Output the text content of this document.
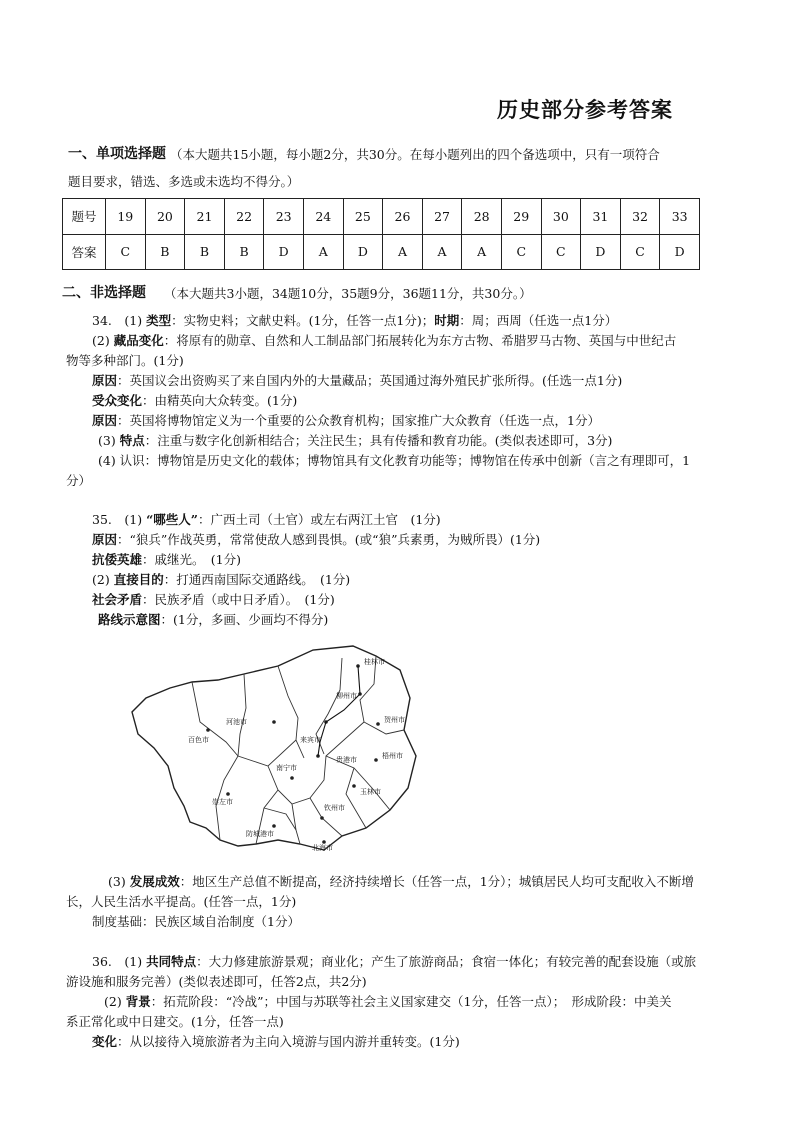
历史部分参考答案
一、单项选择题 （本大题共15小题，每小题2分，共30分。在每小题列出的四个备选项中，只有一项符合
题目要求，错选、多选或未选均不得分。）
题号	19	20	21	22	23	24	25	26	27	28	29	30	31	32	33
答案	C	B	B	B	D	A	D	A	A	A	C	C	D	C	D
二、非选择题 （本大题共3小题，34题10分，35题9分，36题11分，共30分。）
34.　(1) 类型：实物史料；文献史料。(1分，任答一点1分)；时期：周；西周（任选一点1分）
(2) 藏品变化：将原有的勋章、自然和人工制品部门拓展转化为东方古物、希腊罗马古物、英国与中世纪古
物等多种部门。(1分)
原因：英国议会出资购买了来自国内外的大量藏品；英国通过海外殖民扩张所得。(任选一点1分)
受众变化：由精英向大众转变。(1分)
原因：英国将博物馆定义为一个重要的公众教育机构；国家推广大众教育（任选一点，1分）
(3) 特点：注重与数字化创新相结合；关注民生；具有传播和教育功能。(类似表述即可，3分)
(4) 认识：博物馆是历史文化的载体；博物馆具有文化教育功能等；博物馆在传承中创新（言之有理即可，1
分）
35.　(1) “哪些人”：广西土司（土官）或左右两江土官　(1分)
原因：“狼兵”作战英勇，常常使敌人感到畏惧。(或“狼”兵素勇，为贼所畏）(1分)
抗倭英雄：戚继光。　(1分)
(2) 直接目的：打通西南国际交通路线。　(1分)
社会矛盾：民族矛盾（或中日矛盾）。　(1分)
路线示意图：(1分，多画、少画均不得分)
桂林市
河池市
柳州市
贺州市
百色市	来宾市
梧州市
南宁市
贵港市
玉林市
崇左市
钦州市
防城港市
北海市
(3) 发展成效：地区生产总值不断提高，经济持续增长（任答一点，1分）；城镇居民人均可支配收入不断增
长，人民生活水平提高。(任答一点，1分)
制度基础：民族区域自治制度（1分）
36.　(1) 共同特点：大力修建旅游景观；商业化；产生了旅游商品；食宿一体化；有较完善的配套设施（或旅
游设施和服务完善）(类似表述即可，任答2点，共2分)
(2) 背景：拓荒阶段：“冷战”；中国与苏联等社会主义国家建交（1分，任答一点）；　形成阶段：中美关
系正常化或中日建交。(1分，任答一点)
变化：从以接待入境旅游者为主向入境游与国内游并重转变。(1分)
